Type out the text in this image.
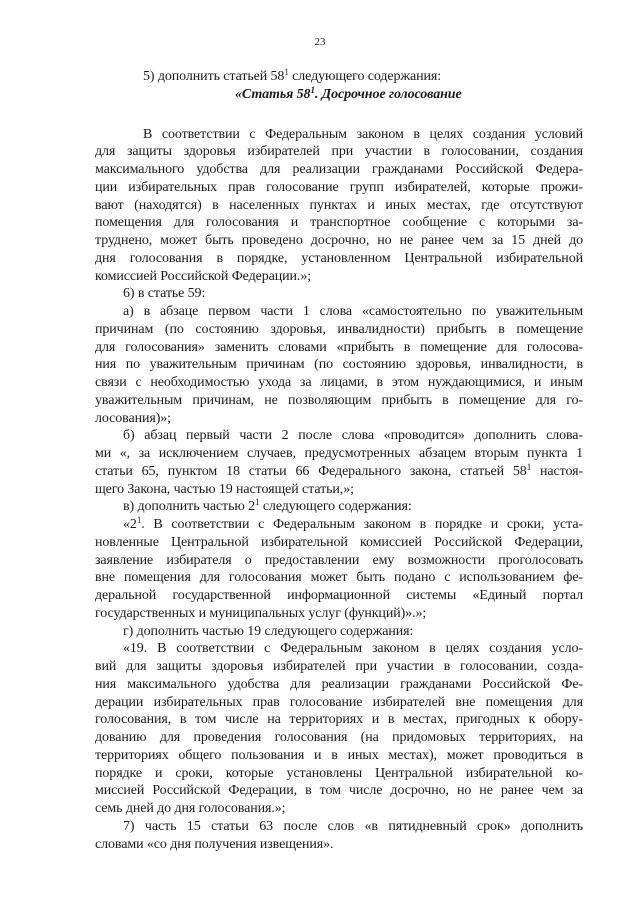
23
5) дополнить статьей $58^1$ следующего содержания:
«Статья $58^1$. Досрочное голосование
В соответствии с Федеральным законом в целях создания условий
для защиты здоровья избирателей при участии в голосовании, создания
максимального удобства для реализации гражданами Российской Федера-
ции избирательных прав голосование групп избирателей, которые прожи-
вают (находятся) в населенных пунктах и иных местах, где отсутствуют
помещения для голосования и транспортное сообщение с которыми за-
труднено, может быть проведено досрочно, но не ранее чем за 15 дней до
дня голосования в порядке, установленном Центральной избирательной
комиссией Российской Федерации.»;
6) в статье 59:
а) в абзаце первом части 1 слова «самостоятельно по уважительным
причинам (по состоянию здоровья, инвалидности) прибыть в помещение
для голосования» заменить словами «прибыть в помещение для голосова-
ния по уважительным причинам (по состоянию здоровья, инвалидности, в
связи с необходимостью ухода за лицами, в этом нуждающимися, и иным
уважительным причинам, не позволяющим прибыть в помещение для го-
лосования)»;
б) абзац первый части 2 после слова «проводится» дополнить слова-
ми «, за исключением случаев, предусмотренных абзацем вторым пункта 1
статьи 65, пунктом 18 статьи 66 Федерального закона, статьей $58^1$ настоя-
щего Закона, частью 19 настоящей статьи,»;
в) дополнить частью $2^1$ следующего содержания:
«$2^1$. В соответствии с Федеральным законом в порядке и сроки, уста-
новленные Центральной избирательной комиссией Российской Федерации,
заявление избирателя о предоставлении ему возможности проголосовать
вне помещения для голосования может быть подано с использованием фе-
деральной государственной информационной системы «Единый портал
государственных и муниципальных услуг (функций)».»;
г) дополнить частью 19 следующего содержания:
«19. В соответствии с Федеральным законом в целях создания усло-
вий для защиты здоровья избирателей при участии в голосовании, созда-
ния максимального удобства для реализации гражданами Российской Фе-
дерации избирательных прав голосование избирателей вне помещения для
голосования, в том числе на территориях и в местах, пригодных к обору-
дованию для проведения голосования (на придомовых территориях, на
территориях общего пользования и в иных местах), может проводиться в
порядке и сроки, которые установлены Центральной избирательной ко-
миссией Российской Федерации, в том числе досрочно, но не ранее чем за
семь дней до дня голосования.»;
7) часть 15 статьи 63 после слов «в пятидневный срок» дополнить
словами «со дня получения извещения».
